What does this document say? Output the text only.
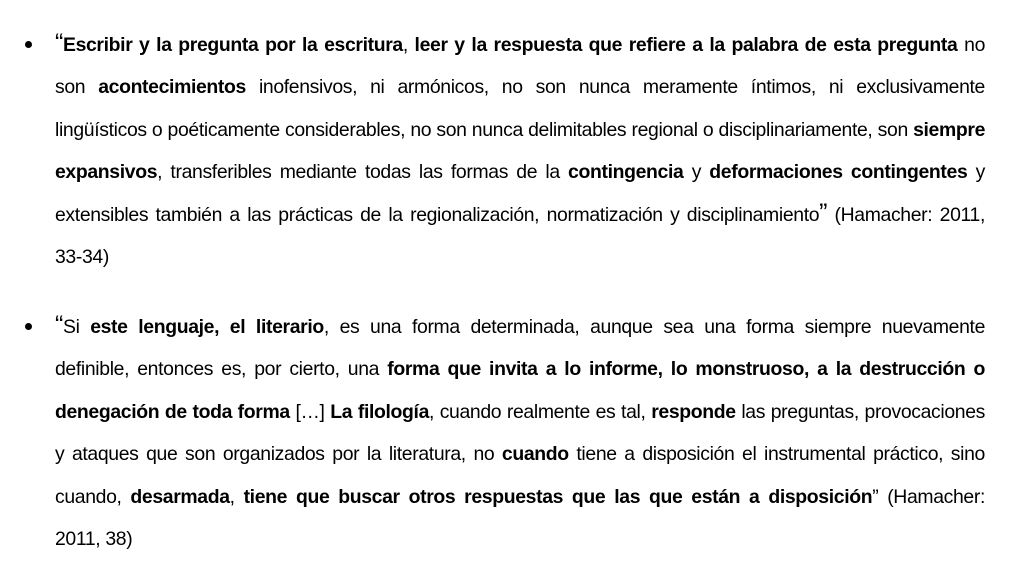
“Escribir y la pregunta por la escritura, leer y la respuesta que refiere a la palabra de esta pregunta no son acontecimientos inofensivos, ni armónicos, no son nunca meramente íntimos, ni exclusivamente lingüísticos o poéticamente considerables, no son nunca delimitables regional o disciplinariamente, son siempre expansivos, transferibles mediante todas las formas de la contingencia y deformaciones contingentes y extensibles también a las prácticas de la regionalización, normatización y disciplinamiento” (Hamacher: 2011, 33-34)

“Si este lenguaje, el literario, es una forma determinada, aunque sea una forma siempre nuevamente definible, entonces es, por cierto, una forma que invita a lo informe, lo monstruoso, a la destrucción o denegación de toda forma […] La filología, cuando realmente es tal, responde las preguntas, provocaciones y ataques que son organizados por la literatura, no cuando tiene a disposición el instrumental práctico, sino cuando, desarmada, tiene que buscar otros respuestas que las que están a disposición” (Hamacher: 2011, 38)
